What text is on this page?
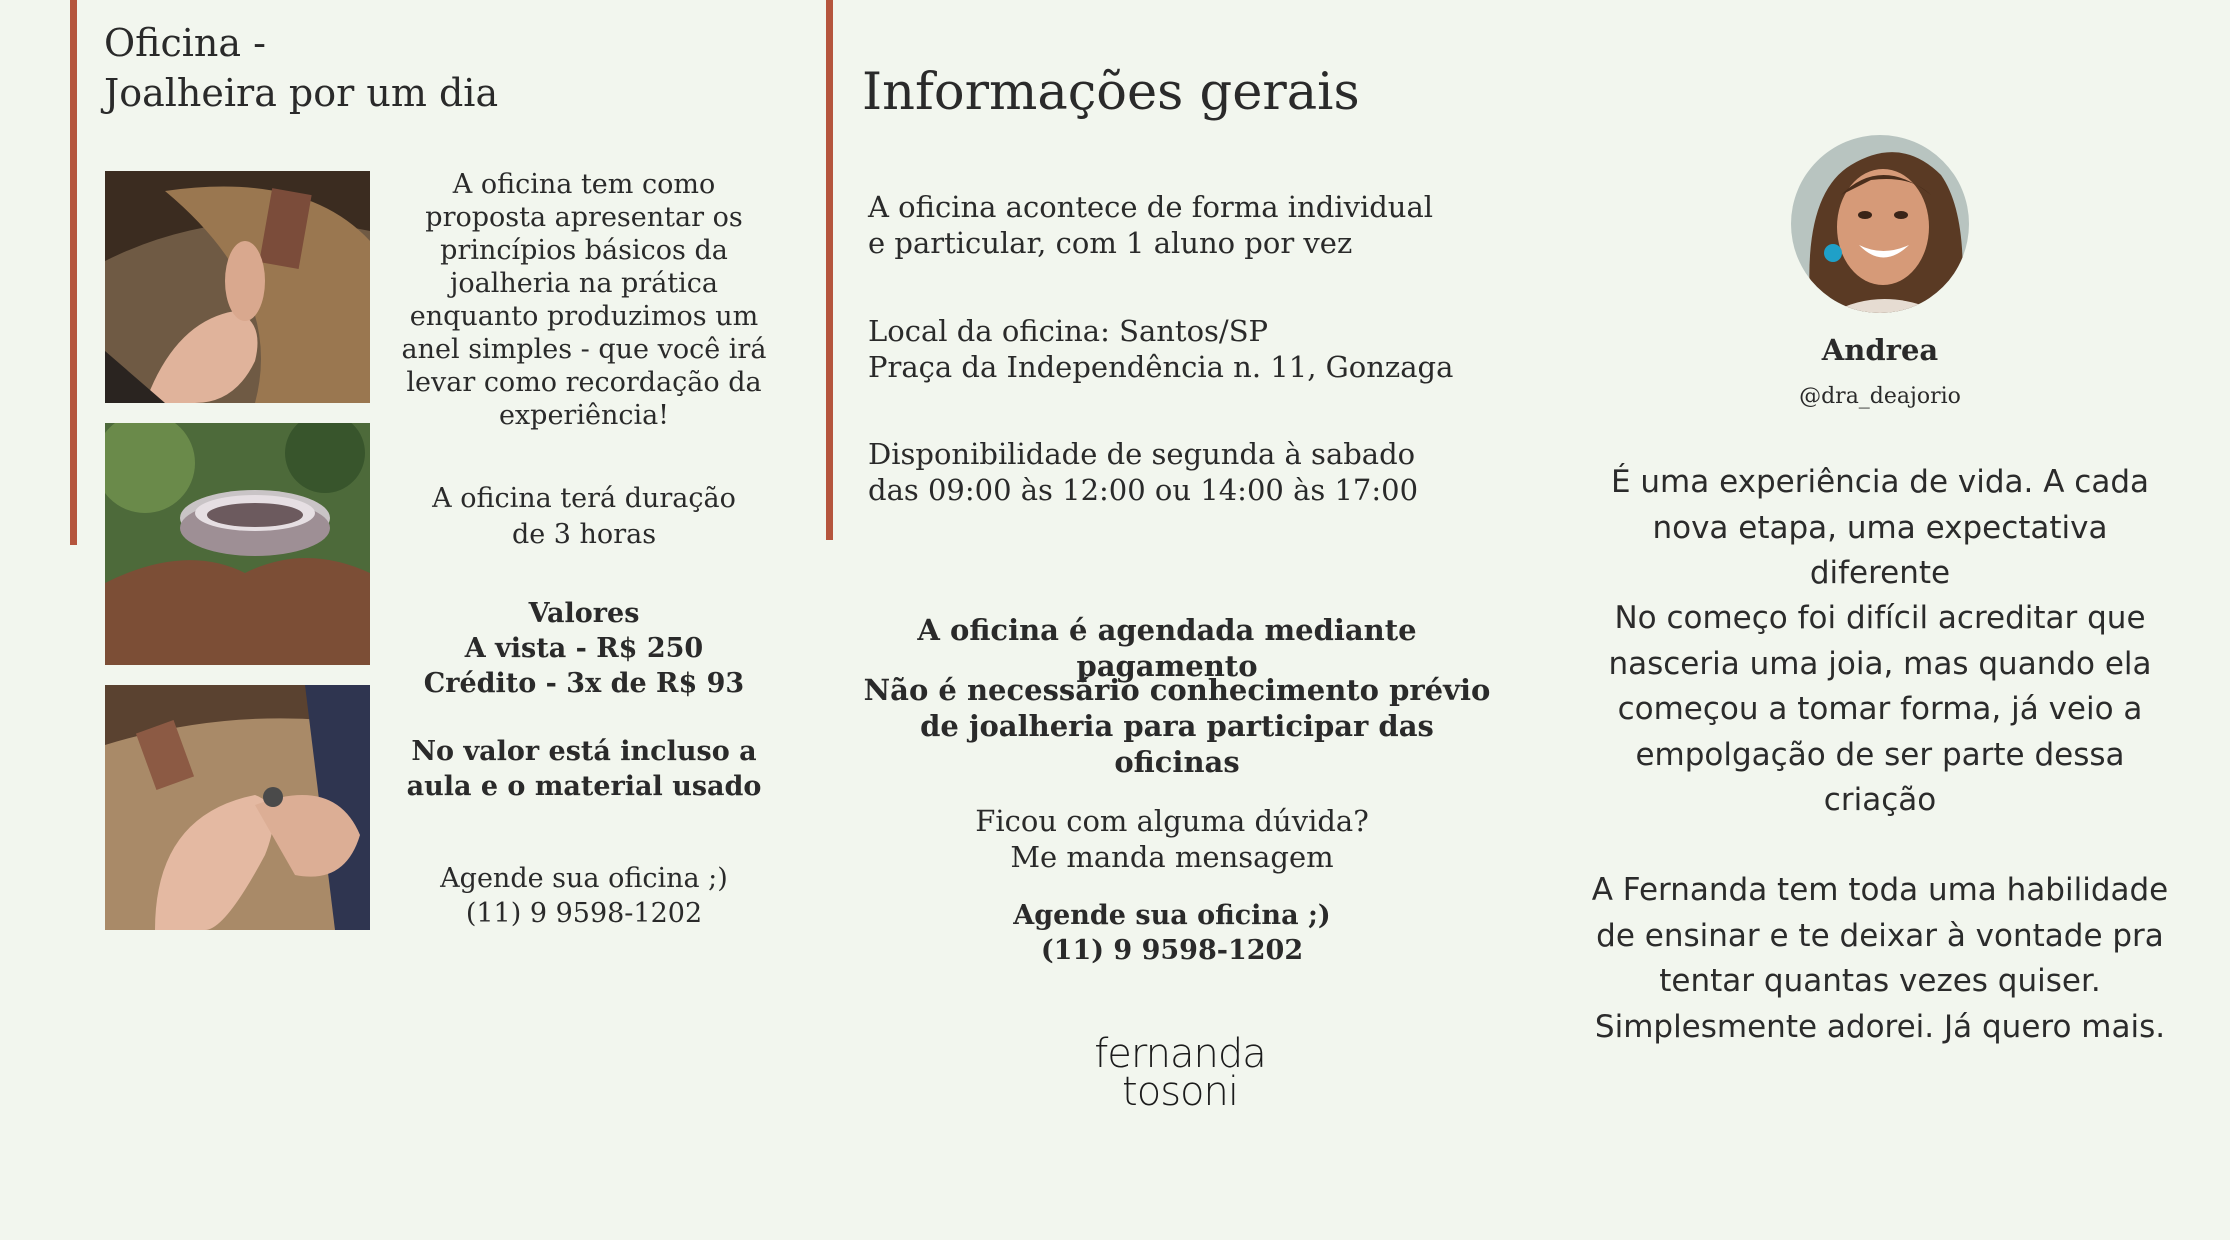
Oficina -
Joalheira por um dia
A oficina tem como proposta apresentar os princípios básicos da joalheria na prática enquanto produzimos um anel simples - que você irá levar como recordação da experiência!
A oficina terá duração de 3 horas
Valores
A vista - R$ 250
Crédito - 3x de R$ 93
No valor está incluso a aula e o material usado
Agende sua oficina ;)
(11) 9 9598-1202
Informações gerais
A oficina acontece de forma individual
e particular, com 1 aluno por vez
Local da oficina: Santos/SP
Praça da Independência n. 11, Gonzaga
Disponibilidade de segunda à sabado
das 09:00 às 12:00 ou 14:00 às 17:00
A oficina é agendada mediante pagamento
Não é necessário conhecimento prévio de joalheria para participar das oficinas
Ficou com alguma dúvida?
Me manda mensagem
Agende sua oficina ;)
(11) 9 9598-1202
fernanda
tosoni
Andrea
@dra_deajorio
É uma experiência de vida. A cada nova etapa, uma expectativa diferente
No começo foi difícil acreditar que nasceria uma joia, mas quando ela começou a tomar forma, já veio a empolgação de ser parte dessa criação
A Fernanda tem toda uma habilidade de ensinar e te deixar à vontade pra tentar quantas vezes quiser. Simplesmente adorei. Já quero mais.
